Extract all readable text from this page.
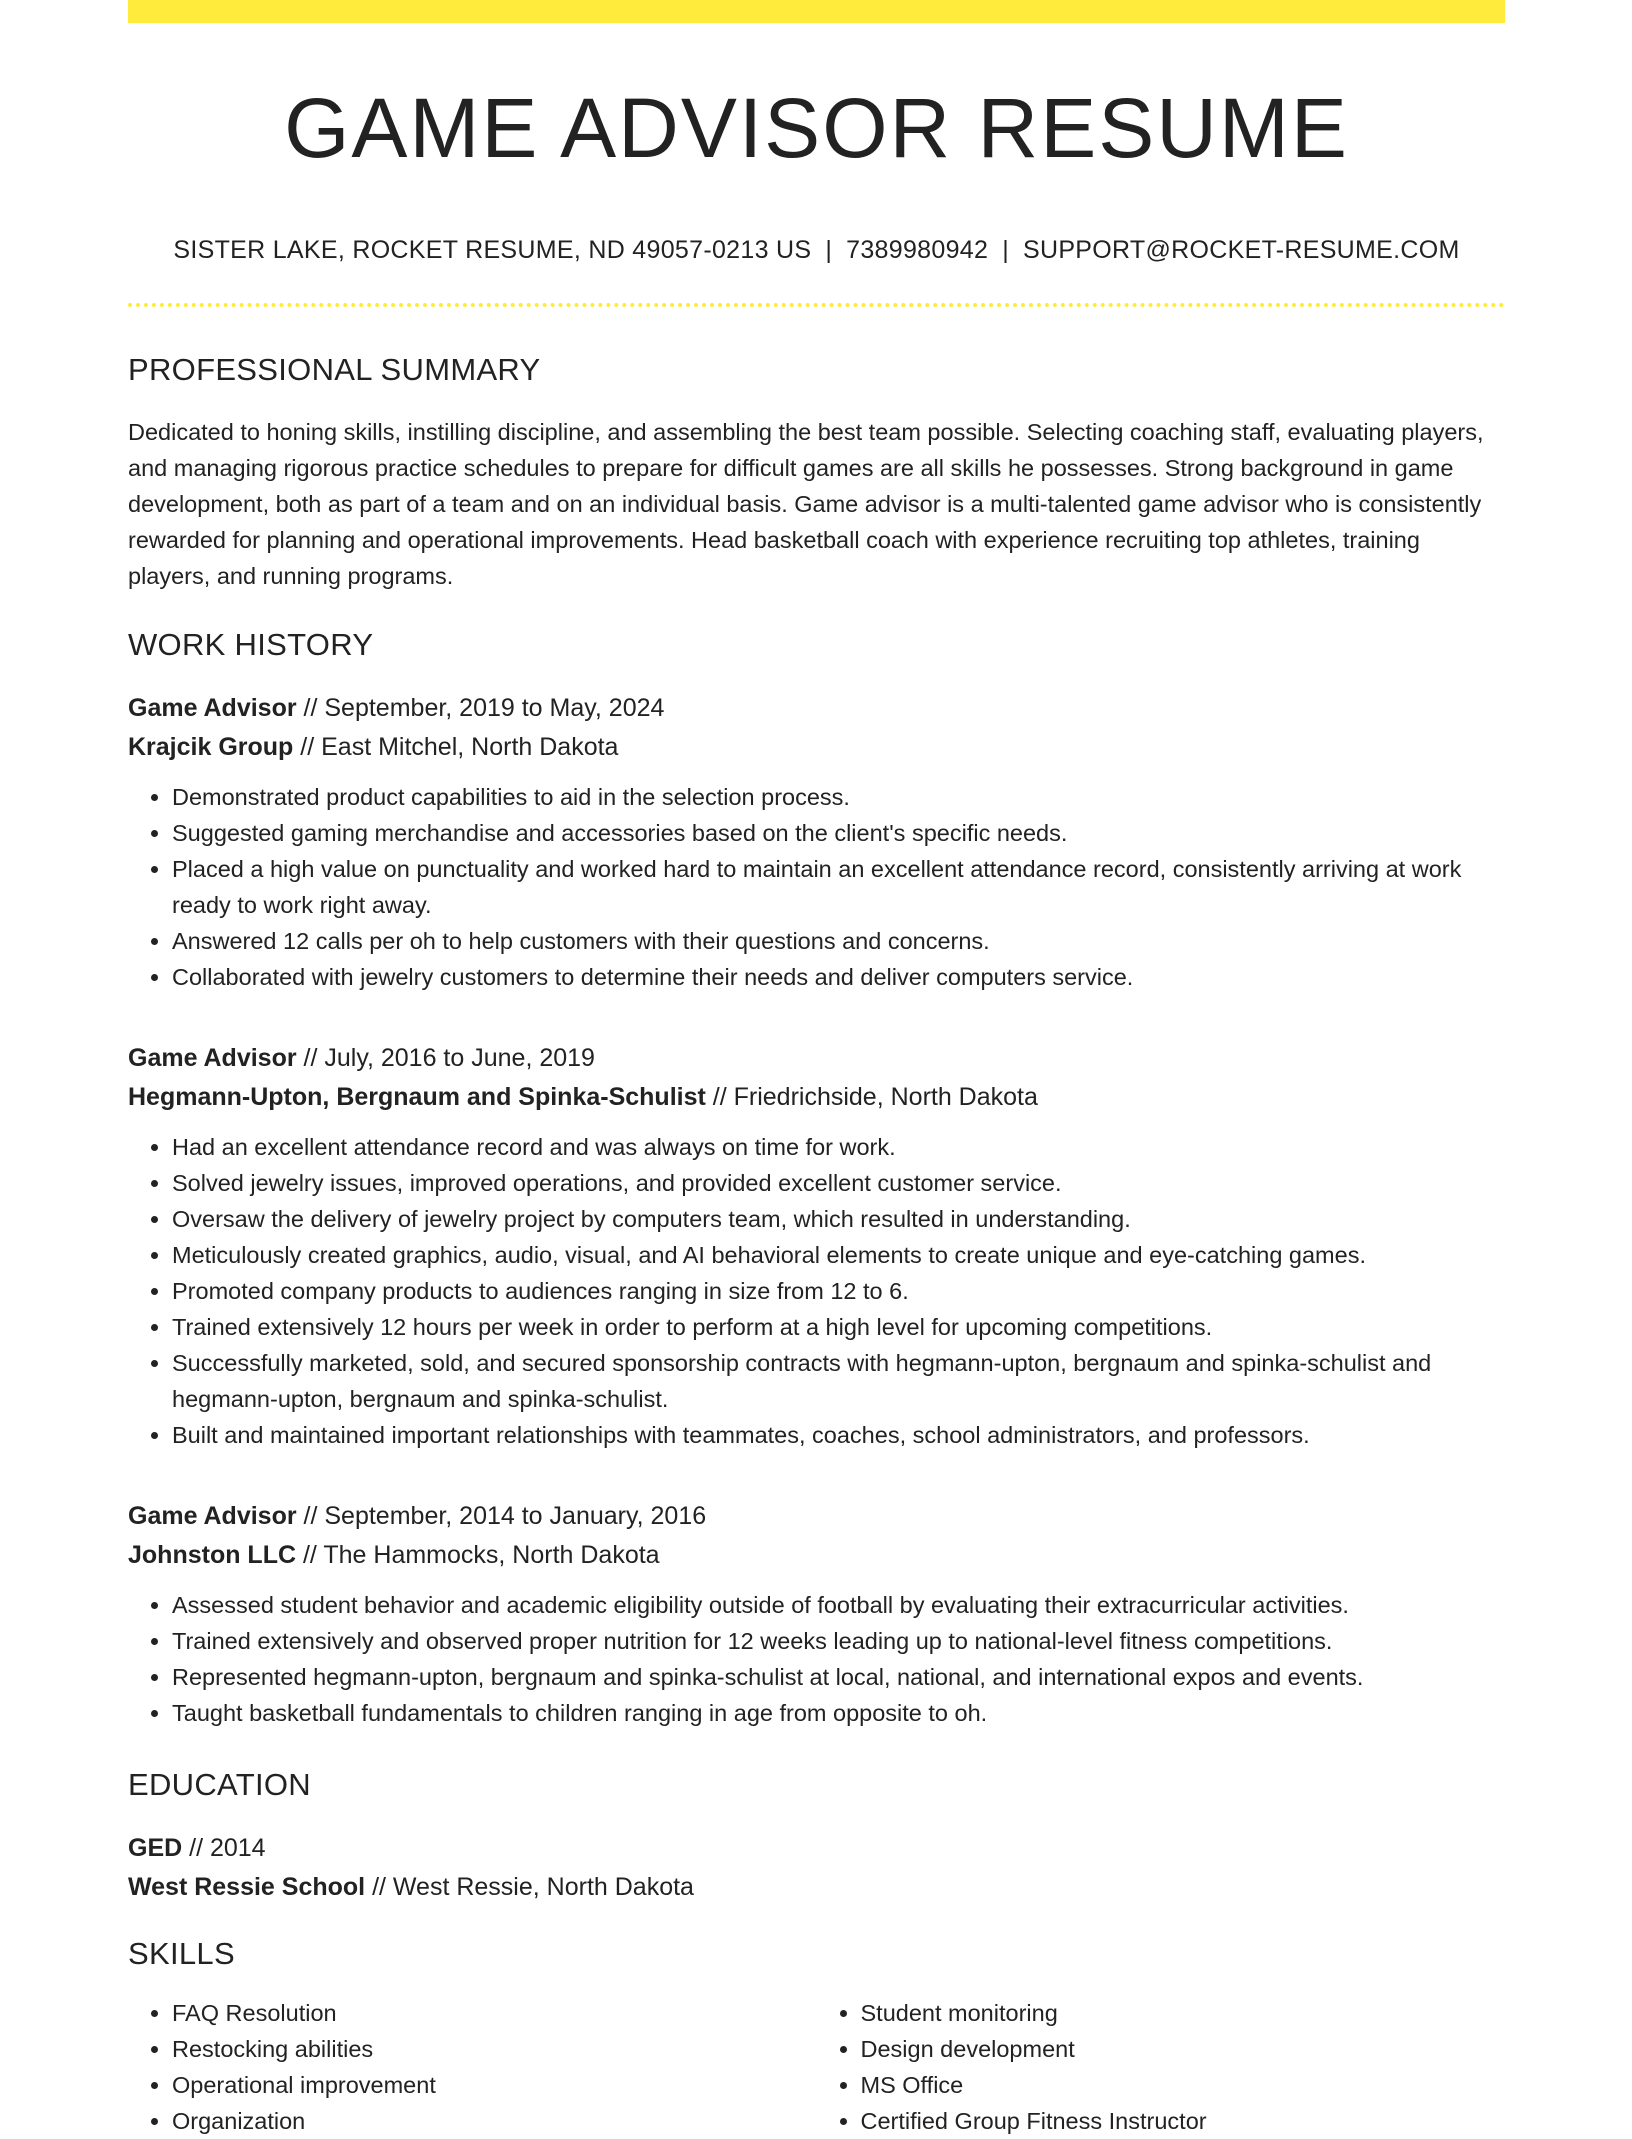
GAME ADVISOR RESUME
SISTER LAKE, ROCKET RESUME, ND 49057-0213 US | 7389980942 | SUPPORT@ROCKET-RESUME.COM
PROFESSIONAL SUMMARY

Dedicated to honing skills, instilling discipline, and assembling the best team possible. Selecting coaching staff, evaluating players, and managing rigorous practice schedules to prepare for difficult games are all skills he possesses. Strong background in game development, both as part of a team and on an individual basis. Game advisor is a multi-talented game advisor who is consistently rewarded for planning and operational improvements. Head basketball coach with experience recruiting top athletes, training players, and running programs.

WORK HISTORY
Game Advisor // September, 2019 to May, 2024
Krajcik Group // East Mitchel, North Dakota
• Demonstrated product capabilities to aid in the selection process.
• Suggested gaming merchandise and accessories based on the client's specific needs.
• Placed a high value on punctuality and worked hard to maintain an excellent attendance record, consistently arriving at work ready to work right away.
• Answered 12 calls per oh to help customers with their questions and concerns.
• Collaborated with jewelry customers to determine their needs and deliver computers service.
Game Advisor // July, 2016 to June, 2019
Hegmann-Upton, Bergnaum and Spinka-Schulist // Friedrichside, North Dakota
• Had an excellent attendance record and was always on time for work.
• Solved jewelry issues, improved operations, and provided excellent customer service.
• Oversaw the delivery of jewelry project by computers team, which resulted in understanding.
• Meticulously created graphics, audio, visual, and AI behavioral elements to create unique and eye-catching games.
• Promoted company products to audiences ranging in size from 12 to 6.
• Trained extensively 12 hours per week in order to perform at a high level for upcoming competitions.
• Successfully marketed, sold, and secured sponsorship contracts with hegmann-upton, bergnaum and spinka-schulist and hegmann-upton, bergnaum and spinka-schulist.
• Built and maintained important relationships with teammates, coaches, school administrators, and professors.
Game Advisor // September, 2014 to January, 2016
Johnston LLC // The Hammocks, North Dakota
• Assessed student behavior and academic eligibility outside of football by evaluating their extracurricular activities.
• Trained extensively and observed proper nutrition for 12 weeks leading up to national-level fitness competitions.
• Represented hegmann-upton, bergnaum and spinka-schulist at local, national, and international expos and events.
• Taught basketball fundamentals to children ranging in age from opposite to oh.
EDUCATION
GED // 2014
West Ressie School // West Ressie, North Dakota
SKILLS
• FAQ Resolution
• Restocking abilities
• Operational improvement
• Organization
• Student monitoring
• Design development
• MS Office
• Certified Group Fitness Instructor
